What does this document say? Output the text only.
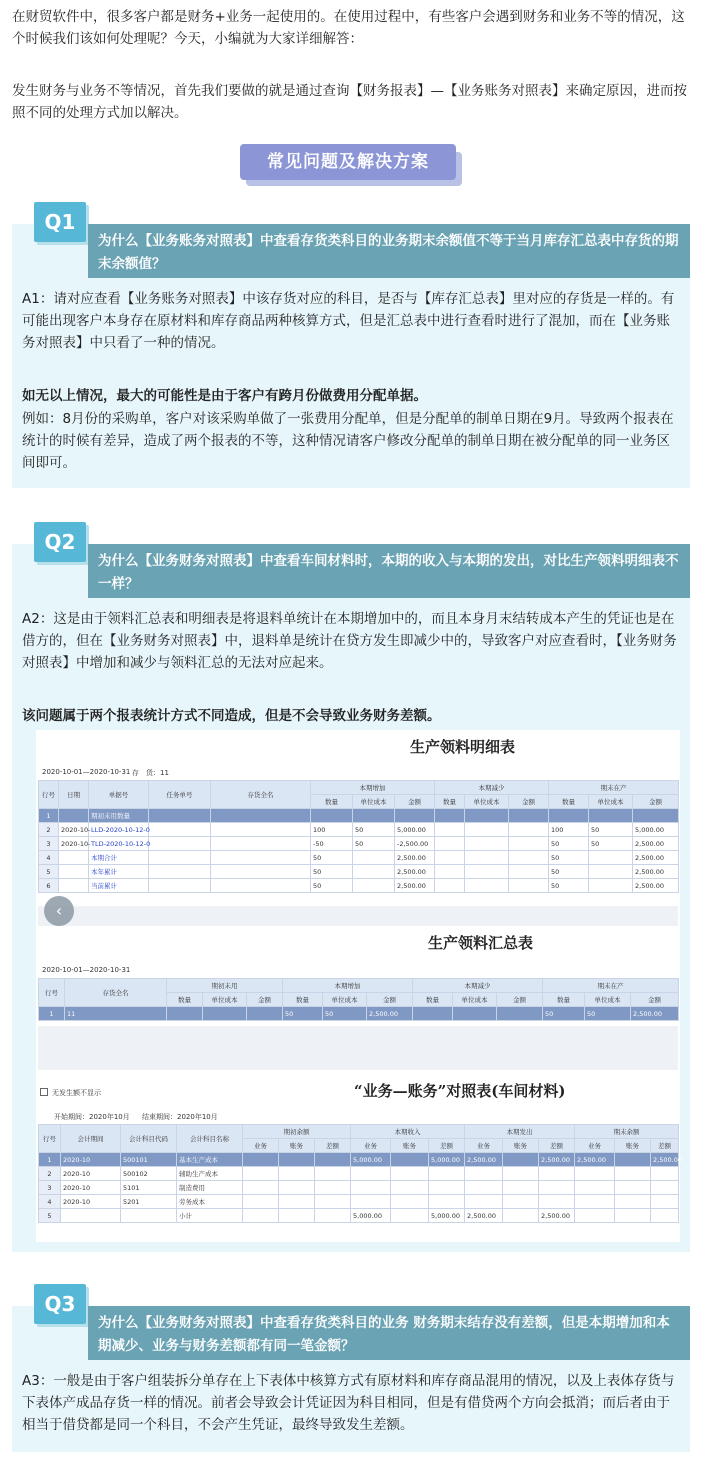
在财贸软件中，很多客户都是财务+业务一起使用的。在使用过程中，有些客户会遇到财务和业务不等的情况，这个时候我们该如何处理呢？今天，小编就为大家详细解答：
发生财务与业务不等情况，首先我们要做的就是通过查询【财务报表】—【业务账务对照表】来确定原因，进而按照不同的处理方式加以解决。
常见问题及解决方案
Q1
为什么【业务账务对照表】中查看存货类科目的业务期末余额值不等于当月库存汇总表中存货的期末余额值？
A1：请对应查看【业务账务对照表】中该存货对应的科目，是否与【库存汇总表】里对应的存货是一样的。有可能出现客户本身存在原材料和库存商品两种核算方式，但是汇总表中进行查看时进行了混加，而在【业务账务对照表】中只看了一种的情况。
如无以上情况，最大的可能性是由于客户有跨月份做费用分配单据。
例如：8月份的采购单，客户对该采购单做了一张费用分配单，但是分配单的制单日期在9月。导致两个报表在统计的时候有差异，造成了两个报表的不等，这种情况请客户修改分配单的制单日期在被分配单的同一业务区间即可。
Q2
为什么【业务财务对照表】中查看车间材料时，本期的收入与本期的发出，对比生产领料明细表不一样？
A2：这是由于领料汇总表和明细表是将退料单统计在本期增加中的，而且本身月末结转成本产生的凭证也是在借方的，但在【业务财务对照表】中，退料单是统计在贷方发生即减少中的，导致客户对应查看时，【业务财务对照表】中增加和减少与领料汇总的无法对应起来。
该问题属于两个报表统计方式不同造成，但是不会导致业务财务差额。
生产领料明细表
2020-10-01—2020-10-31 存　货：11
行号	日期	单据号	任务单号	存货全名	本期增加			本期减少			期末在产		
					数量	单位成本	金额	数量	单位成本	金额	数量	单位成本	金额
1		期初未用数量											
2	2020-10-	LLD-2020-10-12-0			100	50	5,000.00				100	50	5,000.00
3	2020-10-	TLD-2020-10-12-0			-50	50	-2,500.00				50	50	2,500.00
4		本期合计			50		2,500.00				50		2,500.00
5		本年累计			50		2,500.00				50		2,500.00
6		当前累计			50		2,500.00				50		2,500.00
生产领料汇总表
2020-10-01—2020-10-31
行号	存货全名	期初未用			本期增加			本期减少			期末在产		
		数量	单位成本	金额	数量	单位成本	金额	数量	单位成本	金额	数量	单位成本	金额
1	11				50	50	2,500.00				50	50	2,500.00
无发生额不显示	“业务—账务”对照表(车间材料)
开始期间：2020年10月 结束期间：2020年10月
行号	会计期间	会计科目代码	会计科目名称	期初余额			本期收入			本期发出			期末余额		
				业务	账务	差额	业务	账务	差额	业务	账务	差额	业务	账务	差额
1	2020-10	500101	基本生产成本				5,000.00		5,000.00	2,500.00		2,500.00	2,500.00		2,500.00
2	2020-10	500102	辅助生产成本												
3	2020-10	5101	制造费用												
4	2020-10	5201	劳务成本												
5			小计				5,000.00		5,000.00	2,500.00		2,500.00			
‹
Q3
为什么【业务财务对照表】中查看存货类科目的业务 财务期末结存没有差额，但是本期增加和本期减少、业务与财务差额都有同一笔金额？
A3：一般是由于客户组装拆分单存在上下表体中核算方式有原材料和库存商品混用的情况，以及上表体存货与下表体产成品存货一样的情况。前者会导致会计凭证因为科目相同，但是有借贷两个方向会抵消；而后者由于相当于借贷都是同一个科目，不会产生凭证，最终导致发生差额。
